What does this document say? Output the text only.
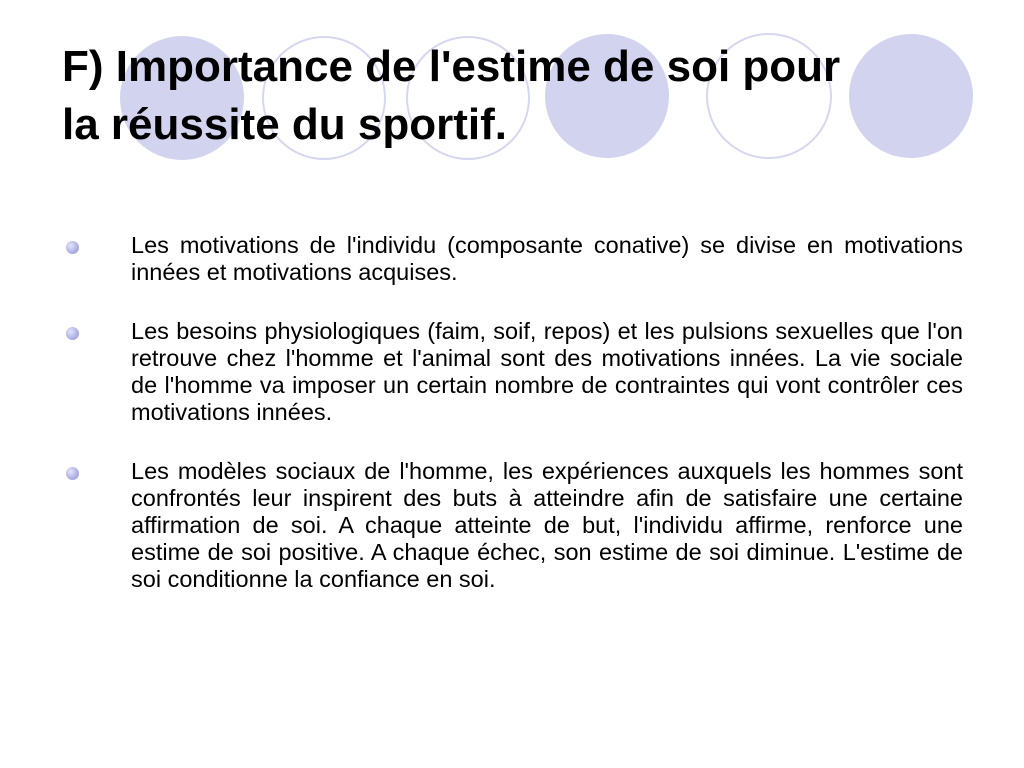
F) Importance de l'estime de soi pour
la réussite du sportif.
Les motivations de l'individu (composante conative) se divise en motivations innées et motivations acquises.
Les besoins physiologiques (faim, soif, repos) et les pulsions sexuelles que l'on retrouve chez l'homme et l'animal sont des motivations innées. La vie sociale de l'homme va imposer un certain nombre de contraintes qui vont contrôler ces motivations innées.
Les modèles sociaux de l'homme, les expériences auxquels les hommes sont confrontés leur inspirent des buts à atteindre afin de satisfaire une certaine affirmation de soi. A chaque atteinte de but, l'individu affirme, renforce une estime de soi positive. A chaque échec, son estime de soi diminue. L'estime de soi conditionne la confiance en soi.
